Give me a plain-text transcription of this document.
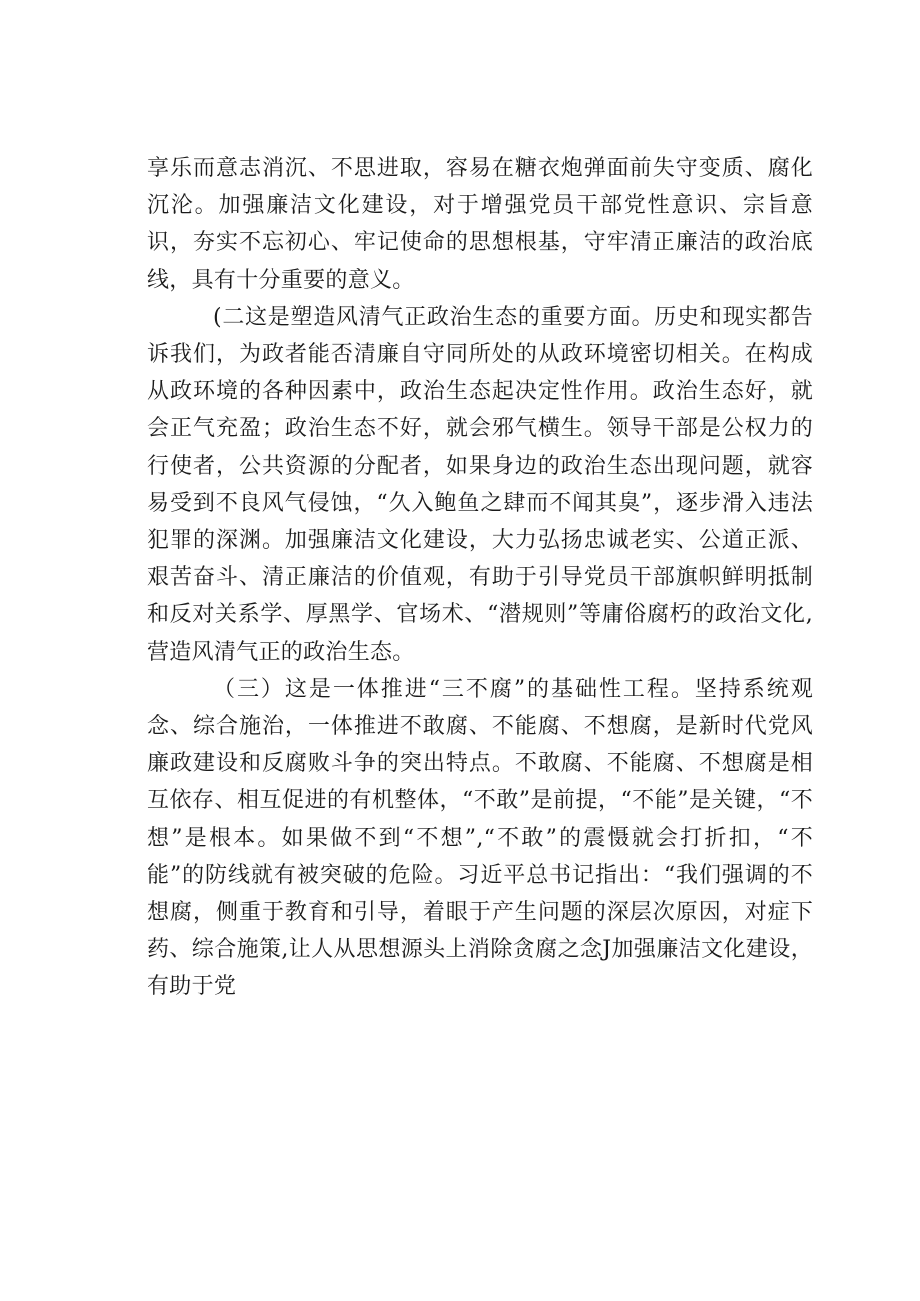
享乐而意志消沉、不思进取，容易在糖衣炮弹面前失守变质、腐化沉沦。加强廉洁文化建设，对于增强党员干部党性意识、宗旨意识，夯实不忘初心、牢记使命的思想根基，守牢清正廉洁的政治底线，具有十分重要的意义。

(二这是塑造风清气正政治生态的重要方面。历史和现实都告诉我们，为政者能否清廉自守同所处的从政环境密切相关。在构成从政环境的各种因素中，政治生态起决定性作用。政治生态好，就会正气充盈；政治生态不好，就会邪气横生。领导干部是公权力的行使者，公共资源的分配者，如果身边的政治生态出现问题，就容易受到不良风气侵蚀，“久入鲍鱼之肆而不闻其臭”，逐步滑入违法犯罪的深渊。加强廉洁文化建设，大力弘扬忠诚老实、公道正派、艰苦奋斗、清正廉洁的价值观，有助于引导党员干部旗帜鲜明抵制和反对关系学、厚黑学、官场术、“潜规则”等庸俗腐朽的政治文化,营造风清气正的政治生态。

（三）这是一体推进“三不腐”的基础性工程。坚持系统观念、综合施治，一体推进不敢腐、不能腐、不想腐，是新时代党风廉政建设和反腐败斗争的突出特点。不敢腐、不能腐、不想腐是相互依存、相互促进的有机整体，“不敢”是前提，“不能”是关键，“不想”是根本。如果做不到“不想”,“不敢”的震慑就会打折扣，“不能”的防线就有被突破的危险。习近平总书记指出：“我们强调的不想腐，侧重于教育和引导，着眼于产生问题的深层次原因，对症下药、综合施策,让人从思想源头上消除贪腐之念J加强廉洁文化建设，有助于党
